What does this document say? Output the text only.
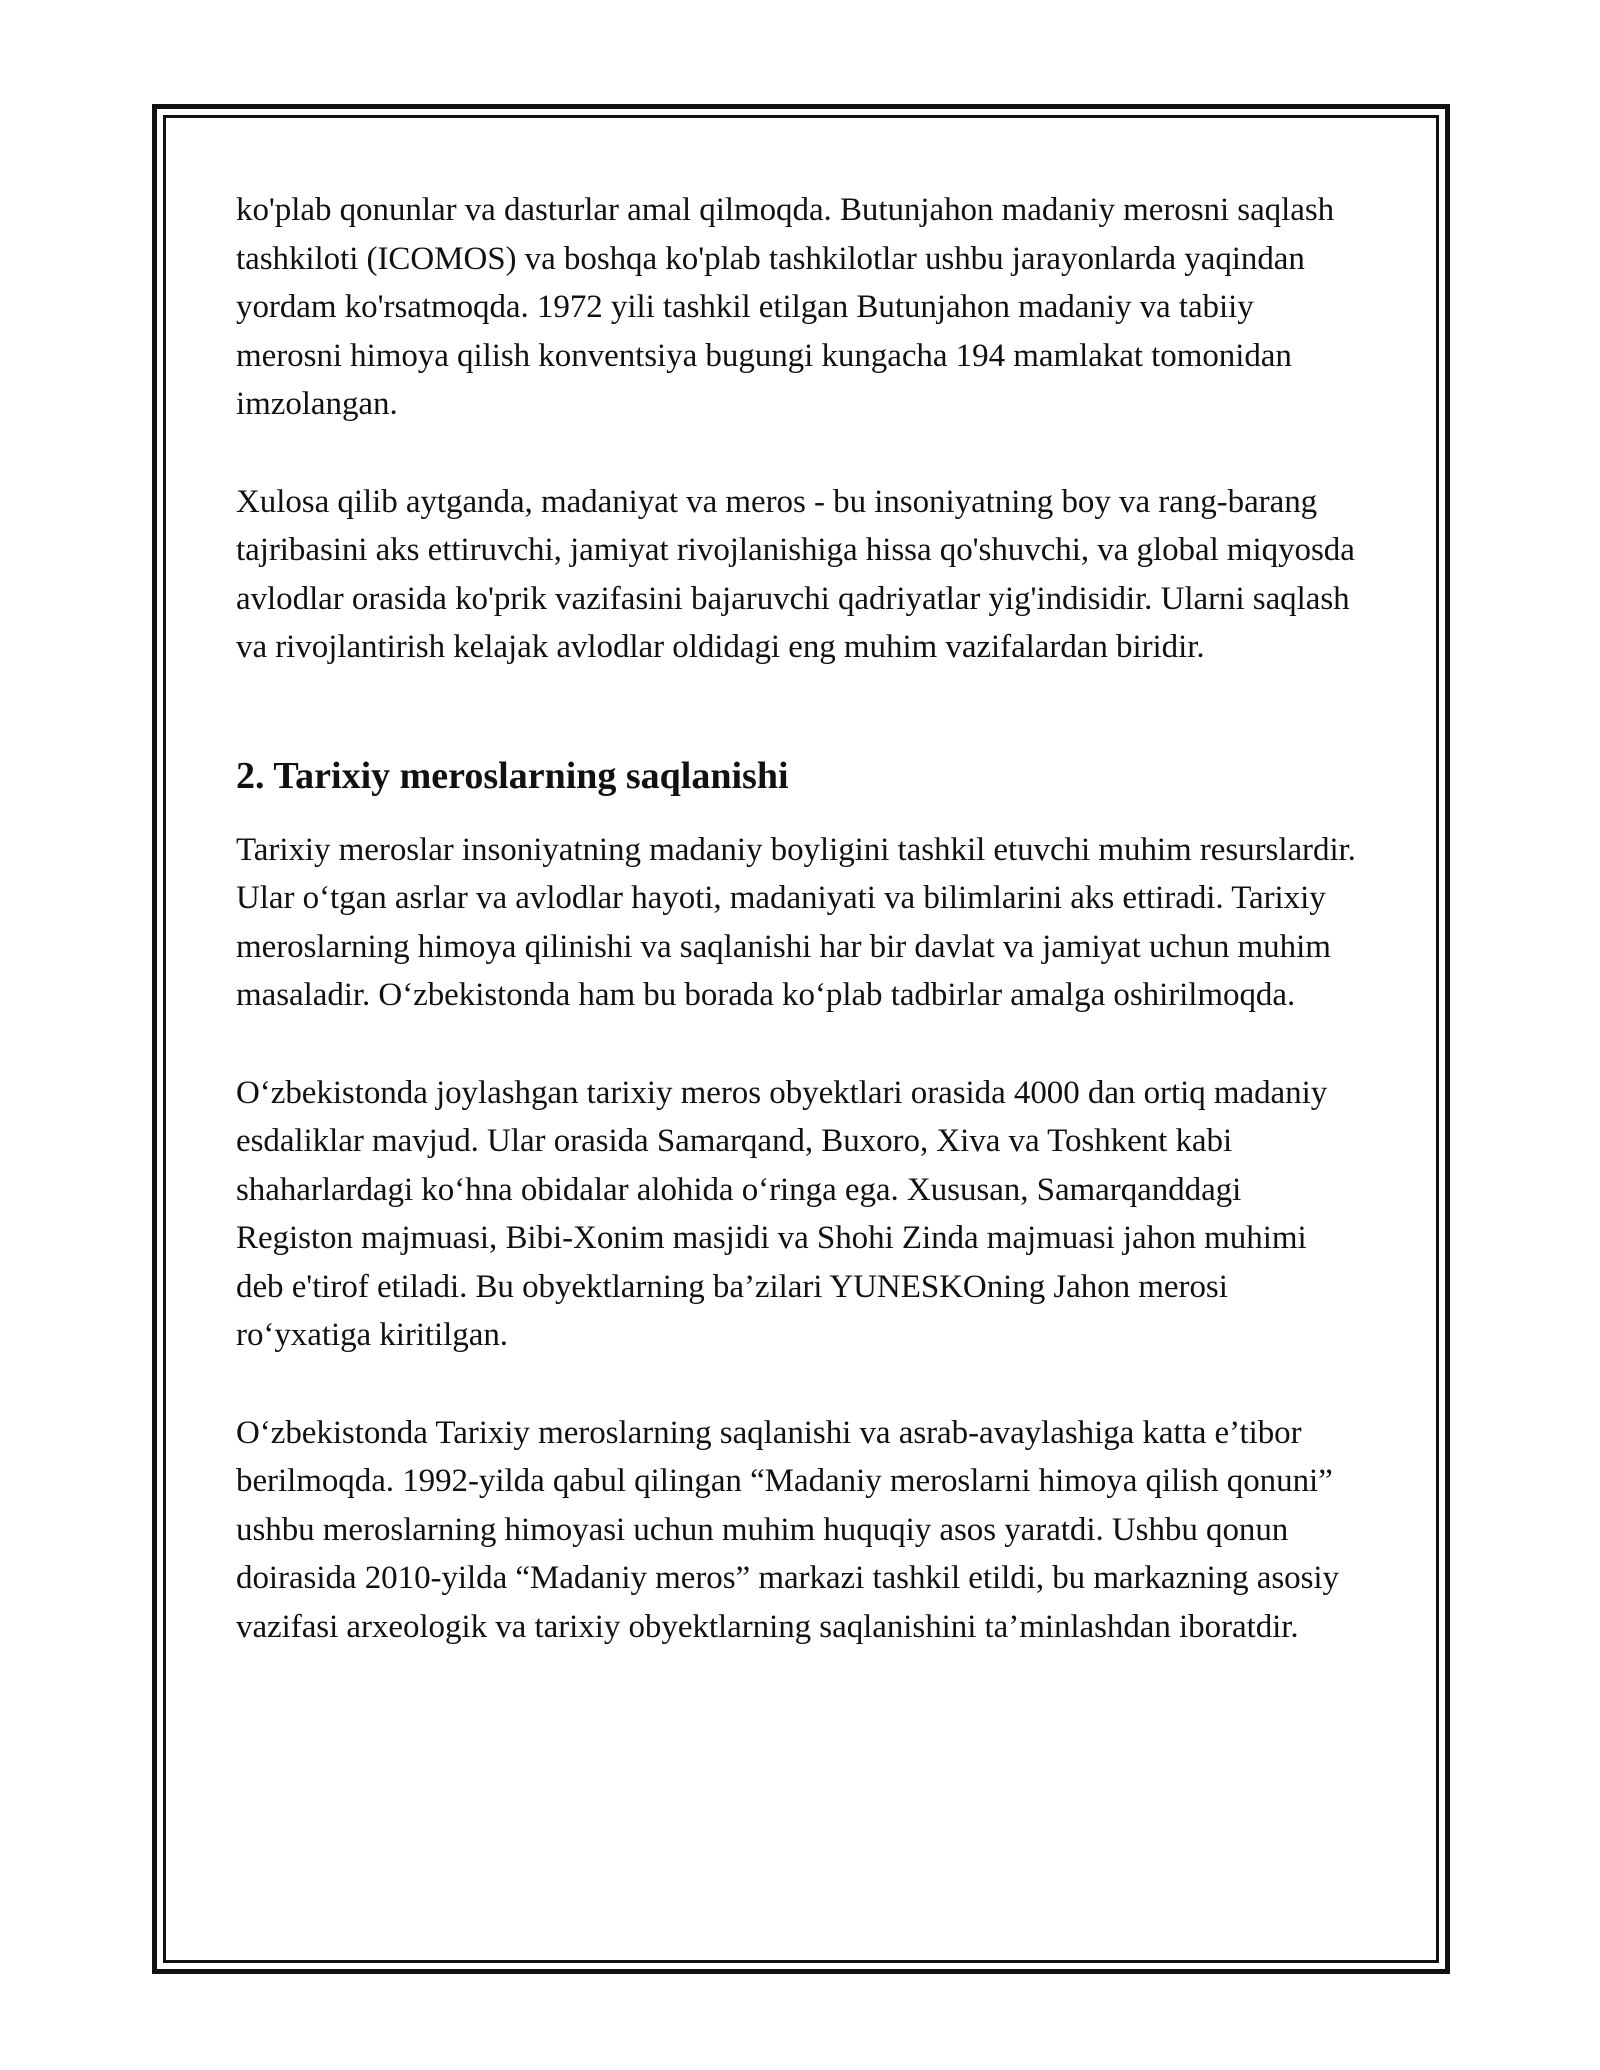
ko'plab qonunlar va dasturlar amal qilmoqda. Butunjahon madaniy merosni saqlash tashkiloti (ICOMOS) va boshqa ko'plab tashkilotlar ushbu jarayonlarda yaqindan yordam ko'rsatmoqda. 1972 yili tashkil etilgan Butunjahon madaniy va tabiiy merosni himoya qilish konventsiya bugungi kungacha 194 mamlakat tomonidan imzolangan.

Xulosa qilib aytganda, madaniyat va meros - bu insoniyatning boy va rang-barang tajribasini aks ettiruvchi, jamiyat rivojlanishiga hissa qo'shuvchi, va global miqyosda avlodlar orasida ko'prik vazifasini bajaruvchi qadriyatlar yig'indisidir. Ularni saqlash va rivojlantirish kelajak avlodlar oldidagi eng muhim vazifalardan biridir.

2. Tarixiy meroslarning saqlanishi

Tarixiy meroslar insoniyatning madaniy boyligini tashkil etuvchi muhim resurslardir. Ular o‘tgan asrlar va avlodlar hayoti, madaniyati va bilimlarini aks ettiradi. Tarixiy meroslarning himoya qilinishi va saqlanishi har bir davlat va jamiyat uchun muhim masaladir. O‘zbekistonda ham bu borada ko‘plab tadbirlar amalga oshirilmoqda.

O‘zbekistonda joylashgan tarixiy meros obyektlari orasida 4000 dan ortiq madaniy esdaliklar mavjud. Ular orasida Samarqand, Buxoro, Xiva va Toshkent kabi shaharlardagi ko‘hna obidalar alohida o‘ringa ega. Xususan, Samarqanddagi Registon majmuasi, Bibi-Xonim masjidi va Shohi Zinda majmuasi jahon muhimi deb e'tirof etiladi. Bu obyektlarning ba’zilari YUNESKOning Jahon merosi ro‘yxatiga kiritilgan.

O‘zbekistonda Tarixiy meroslarning saqlanishi va asrab-avaylashiga katta e’tibor berilmoqda. 1992-yilda qabul qilingan “Madaniy meroslarni himoya qilish qonuni” ushbu meroslarning himoyasi uchun muhim huquqiy asos yaratdi. Ushbu qonun doirasida 2010-yilda “Madaniy meros” markazi tashkil etildi, bu markazning asosiy vazifasi arxeologik va tarixiy obyektlarning saqlanishini ta’minlashdan iboratdir.
